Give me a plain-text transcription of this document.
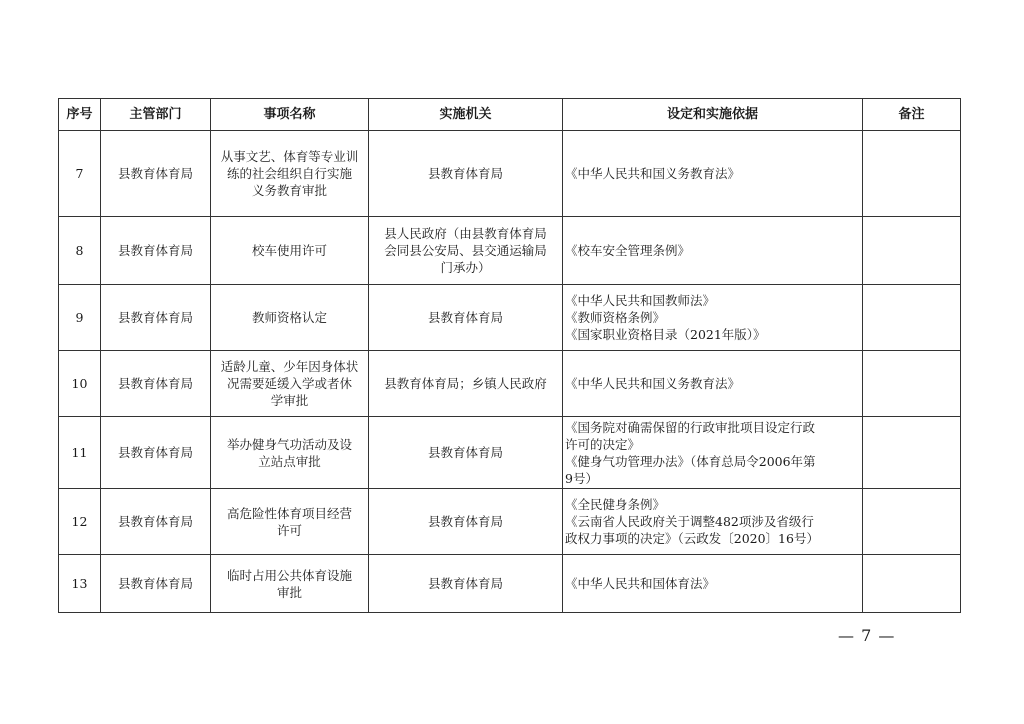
序号	主管部门	事项名称	实施机关	设定和实施依据	备注
7	县教育体育局	从事文艺、体育等专业训
练的社会组织自行实施
义务教育审批	县教育体育局	《中华人民共和国义务教育法》	

8	县教育体育局	校车使用许可	县人民政府（由县教育体育局
会同县公安局、县交通运输局
门承办）	《校车安全管理条例》	

9	县教育体育局	教师资格认定	县教育体育局	《中华人民共和国教师法》
《教师资格条例》
《国家职业资格目录（2021年版）》	

10	县教育体育局	适龄儿童、少年因身体状
况需要延缓入学或者休
学审批	县教育体育局；乡镇人民政府	《中华人民共和国义务教育法》	

11	县教育体育局	举办健身气功活动及设
立站点审批	县教育体育局	《国务院对确需保留的行政审批项目设定行政
许可的决定》
《健身气功管理办法》（体育总局令2006年第
9号）	

12	县教育体育局	高危险性体育项目经营
许可	县教育体育局	《全民健身条例》
《云南省人民政府关于调整482项涉及省级行
政权力事项的决定》（云政发〔2020〕16号）	

13	县教育体育局	临时占用公共体育设施
审批	县教育体育局	《中华人民共和国体育法》	

— 7 —
